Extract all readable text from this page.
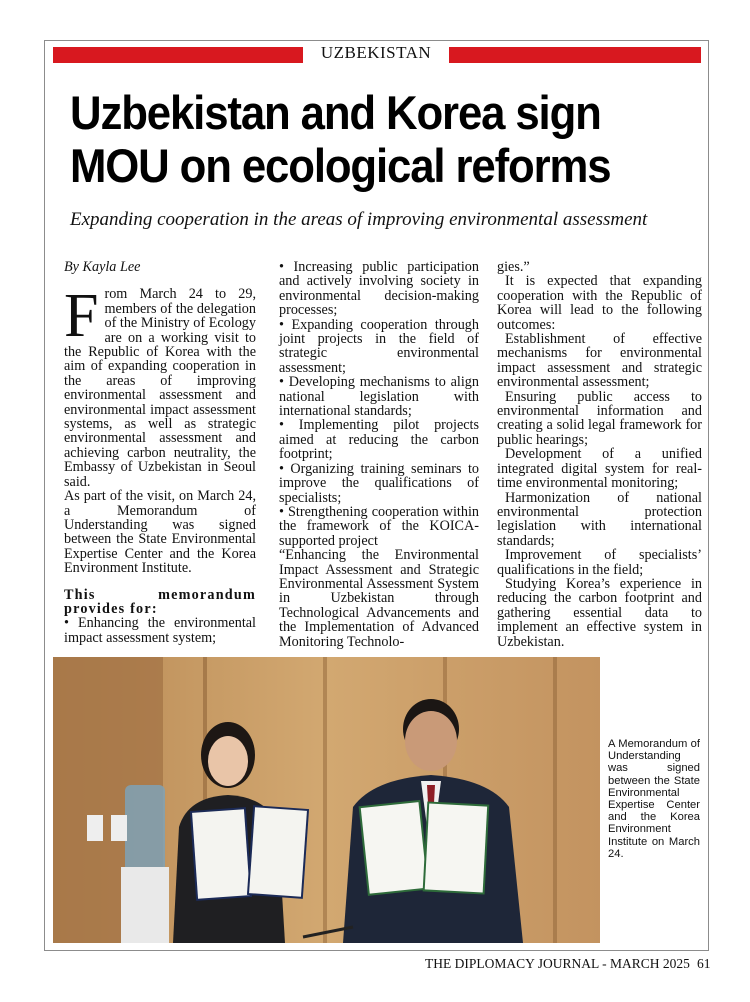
UZBEKISTAN
Uzbekistan and Korea sign
MOU on ecological reforms
Expanding cooperation in the areas of improving environmental assessment

By Kayla Lee

From March 24 to 29, members of the delegation of the Ministry of Ecology are on a working visit to the Republic of Korea with the aim of expanding cooperation in the areas of improving environmental assessment and environmental impact assessment systems, as well as strategic environmental assessment and achieving carbon neutrality, the Embassy of Uzbekistan in Seoul said.

As part of the visit, on March 24, a Memorandum of Understanding was signed between the State Environmental Expertise Center and the Korea Environment Institute.

This memorandum provides for:

• Enhancing the environmental impact assessment system;

• Increasing public participation and actively involving society in environmental decision-making processes;

• Expanding cooperation through joint projects in the field of strategic environmental assessment;

• Developing mechanisms to align national legislation with international standards;

• Implementing pilot projects aimed at reducing the carbon footprint;

• Organizing training seminars to improve the qualifications of specialists;

• Strengthening cooperation within the framework of the KOICA-supported project

“Enhancing the Environmental Impact Assessment and Strategic Environmental Assessment System in Uzbekistan through Technological Advancements and the Implementation of Advanced Monitoring Technolo-

gies.”

It is expected that expanding cooperation with the Republic of Korea will lead to the following outcomes:

Establishment of effective mechanisms for environmental impact assessment and strategic environmental assessment;

Ensuring public access to environmental information and creating a solid legal framework for public hearings;

Development of a unified integrated digital system for real-time environmental monitoring;

Harmonization of national environmental protection legislation with international standards;

Improvement of specialists’ qualifications in the field;

Studying Korea’s experience in reducing the carbon footprint and gathering essential data to implement an effective system in Uzbekistan.

A Memorandum of Understanding was signed between the State Environmental Expertise Center and the Korea Environment Institute on March 24.
THE DIPLOMACY JOURNAL - MARCH 2025 61
